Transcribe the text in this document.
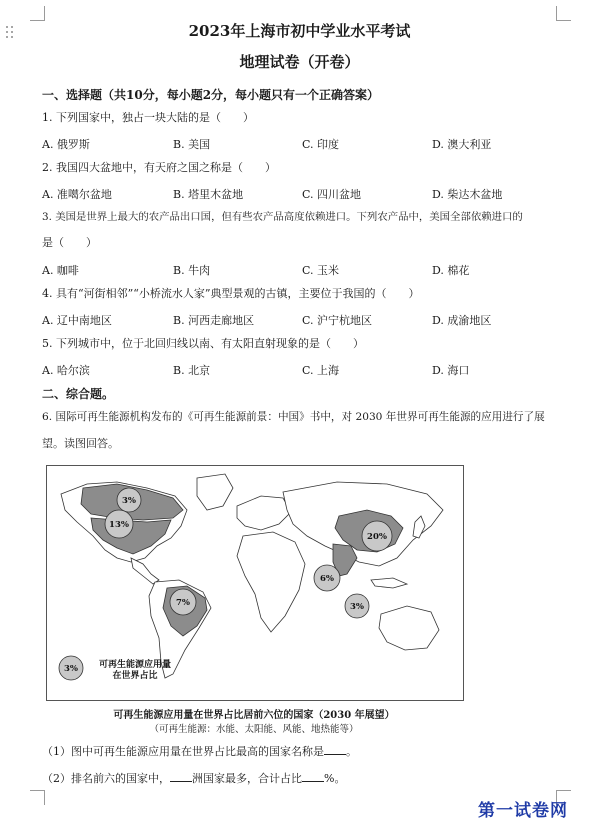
2023年上海市初中学业水平考试
地理试卷（开卷）
一、选择题（共10分，每小题2分，每小题只有一个正确答案）
1. 下列国家中，独占一块大陆的是（　　）
A. 俄罗斯	B. 美国	C. 印度	D. 澳大利亚
2. 我国四大盆地中，有天府之国之称是（　　）
A. 准噶尔盆地	B. 塔里木盆地	C. 四川盆地	D. 柴达木盆地
3. 美国是世界上最大的农产品出口国，但有些农产品高度依赖进口。下列农产品中，美国全部依赖进口的
是（　　）
A. 咖啡	B. 牛肉	C. 玉米	D. 棉花
4. 具有“河街相邻”“小桥流水人家”典型景观的古镇，主要位于我国的（　　）
A. 辽中南地区	B. 河西走廊地区	C. 沪宁杭地区	D. 成渝地区
5. 下列城市中，位于北回归线以南、有太阳直射现象的是（　　）
A. 哈尔滨	B. 北京	C. 上海	D. 海口
二、综合题。
6. 国际可再生能源机构发布的《可再生能源前景：中国》书中，对 2030 年世界可再生能源的应用进行了展
望。读图回答。
3%
13%
7%
20%
6%
3%
3%	可再生能源应用量
在世界占比
可再生能源应用量在世界占比居前六位的国家（2030 年展望）
（可再生能源：水能、太阳能、风能、地热能等）
（1）图中可再生能源应用量在世界占比最高的国家名称是 。
（2）排名前六的国家中， 洲国家最多，合计占比 %。
第一试卷网
